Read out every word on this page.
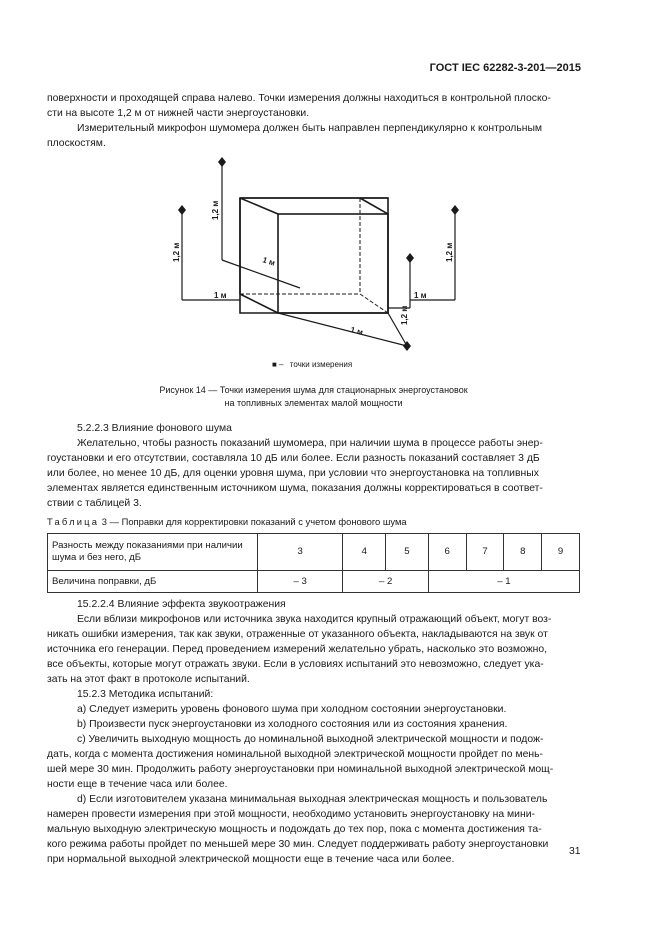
ГОСТ IEC 62282-3-201—2015

поверхности и проходящей справа налево. Точки измерения должны находиться в контрольной плоско-

сти на высоте 1,2 м от нижней части энергоустановки.

Измерительный микрофон шумомера должен быть направлен перпендикулярно к контрольным

плоскостям.

1,2 м
1,2 м
1,2 м
1,2 м
1 м
1 м	1 м
1 м
■ – точки измерения
Рисунок 14 — Точки измерения шума для стационарных энергоустановок
на топливных элементах малой мощности

5.2.2.3 Влияние фонового шума

Желательно, чтобы разность показаний шумомера, при наличии шума в процессе работы энер-

гоустановки и его отсутствии, составляла 10 дБ или более. Если разность показаний составляет 3 дБ

или более, но менее 10 дБ, для оценки уровня шума, при условии что энергоустановка на топливных

элементах является единственным источником шума, показания должны корректироваться в соответ-

ствии с таблицей 3.

Таблица 3 — Поправки для корректировки показаний с учетом фонового шума
Разность между показаниями при наличии
шума и без него, дБ	3	4	5	6	7	8	9
Величина поправки, дБ	– 3	– 2		– 1			

15.2.2.4 Влияние эффекта звукоотражения

Если вблизи микрофонов или источника звука находится крупный отражающий объект, могут воз-

никать ошибки измерения, так как звуки, отраженные от указанного объекта, накладываются на звук от

источника его генерации. Перед проведением измерений желательно убрать, насколько это возможно,

все объекты, которые могут отражать звуки. Если в условиях испытаний это невозможно, следует ука-

зать на этот факт в протоколе испытаний.

15.2.3 Методика испытаний:

a) Следует измерить уровень фонового шума при холодном состоянии энергоустановки.

b) Произвести пуск энергоустановки из холодного состояния или из состояния хранения.

c) Увеличить выходную мощность до номинальной выходной электрической мощности и подож-

дать, когда с момента достижения номинальной выходной электрической мощности пройдет по мень-

шей мере 30 мин. Продолжить работу энергоустановки при номинальной выходной электрической мощ-

ности еще в течение часа или более.

d) Если изготовителем указана минимальная выходная электрическая мощность и пользователь

намерен провести измерения при этой мощности, необходимо установить энергоустановку на мини-

мальную выходную электрическую мощность и подождать до тех пор, пока с момента достижения та-

кого режима работы пройдет по меньшей мере 30 мин. Следует поддерживать работу энергоустановки

при нормальной выходной электрической мощности еще в течение часа или более.

31
